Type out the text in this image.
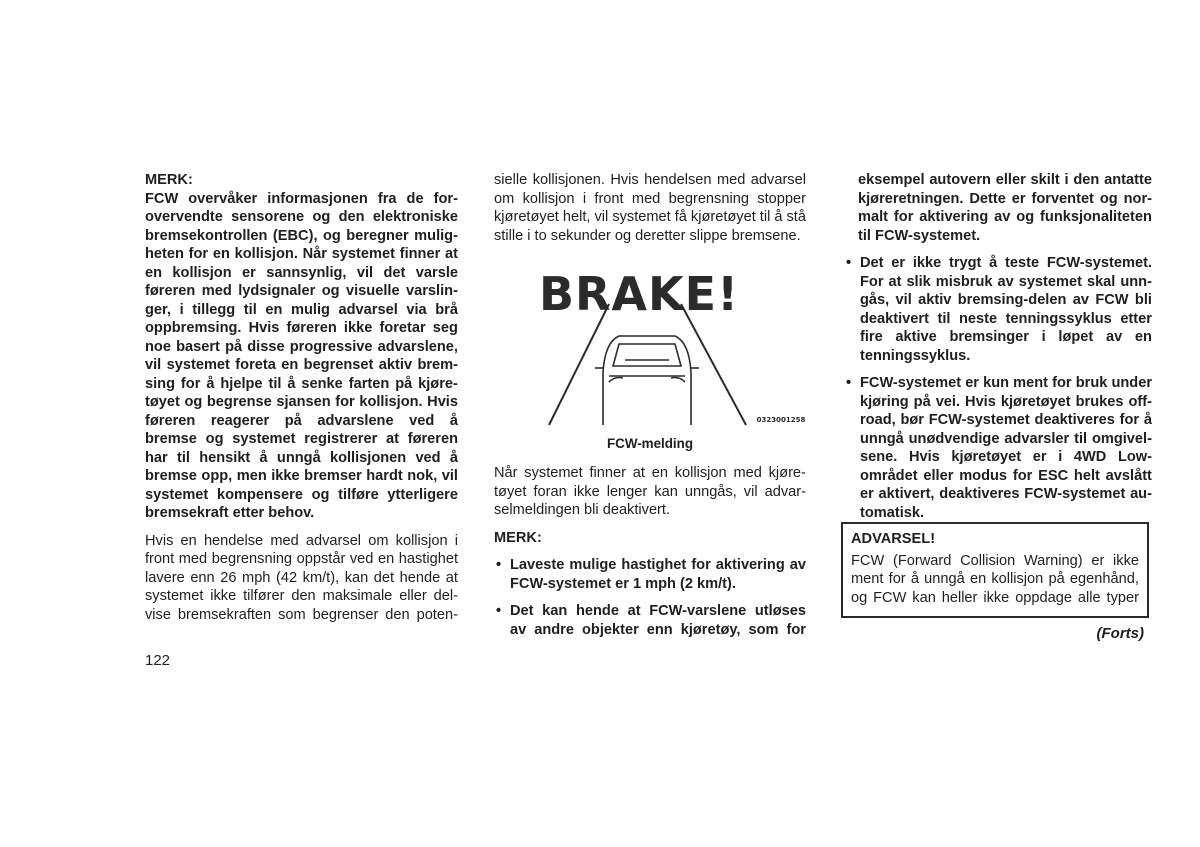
MERK:
FCW overvåker informasjonen fra de for-
overvendte sensorene og den elektroniske
bremsekontrollen (EBC), og beregner mulig-
heten for en kollisjon. Når systemet finner at
en kollisjon er sannsynlig, vil det varsle
føreren med lydsignaler og visuelle varslin-
ger, i tillegg til en mulig advarsel via brå
oppbremsing. Hvis føreren ikke foretar seg
noe basert på disse progressive advarslene,
vil systemet foreta en begrenset aktiv brem-
sing for å hjelpe til å senke farten på kjøre-
tøyet og begrense sjansen for kollisjon. Hvis
føreren reagerer på advarslene ved å
bremse og systemet registrerer at føreren
har til hensikt å unngå kollisjonen ved å
bremse opp, men ikke bremser hardt nok, vil
systemet kompensere og tilføre ytterligere
bremsekraft etter behov.
Hvis en hendelse med advarsel om kollisjon i
front med begrensning oppstår ved en hastighet
lavere enn 26 mph (42 km/t), kan det hende at
systemet ikke tilfører den maksimale eller del-
vise bremsekraften som begrenser den poten-
122
sielle kollisjonen. Hvis hendelsen med advarsel
om kollisjon i front med begrensning stopper
kjøretøyet helt, vil systemet få kjøretøyet til å stå
stille i to sekunder og deretter slippe bremsene.
BRAKE!
0323001258
FCW-melding
Når systemet finner at en kollisjon med kjøre-
tøyet foran ikke lenger kan unngås, vil advar-
selmeldingen bli deaktivert.
MERK:
• Laveste mulige hastighet for aktivering av
FCW-systemet er 1 mph (2 km/t).
• Det kan hende at FCW-varslene utløses
av andre objekter enn kjøretøy, som for
eksempel autovern eller skilt i den antatte
kjøreretningen. Dette er forventet og nor-
malt for aktivering av og funksjonaliteten
til FCW-systemet.
• Det er ikke trygt å teste FCW-systemet.
For at slik misbruk av systemet skal unn-
gås, vil aktiv bremsing-delen av FCW bli
deaktivert til neste tenningssyklus etter
fire aktive bremsinger i løpet av en
tenningssyklus.
• FCW-systemet er kun ment for bruk under
kjøring på vei. Hvis kjøretøyet brukes off-
road, bør FCW-systemet deaktiveres for å
unngå unødvendige advarsler til omgivel-
sene. Hvis kjøretøyet er i 4WD Low-
området eller modus for ESC helt avslått
er aktivert, deaktiveres FCW-systemet au-
tomatisk.
ADVARSEL!
FCW (Forward Collision Warning) er ikke
ment for å unngå en kollisjon på egenhånd,
og FCW kan heller ikke oppdage alle typer
(Forts)
